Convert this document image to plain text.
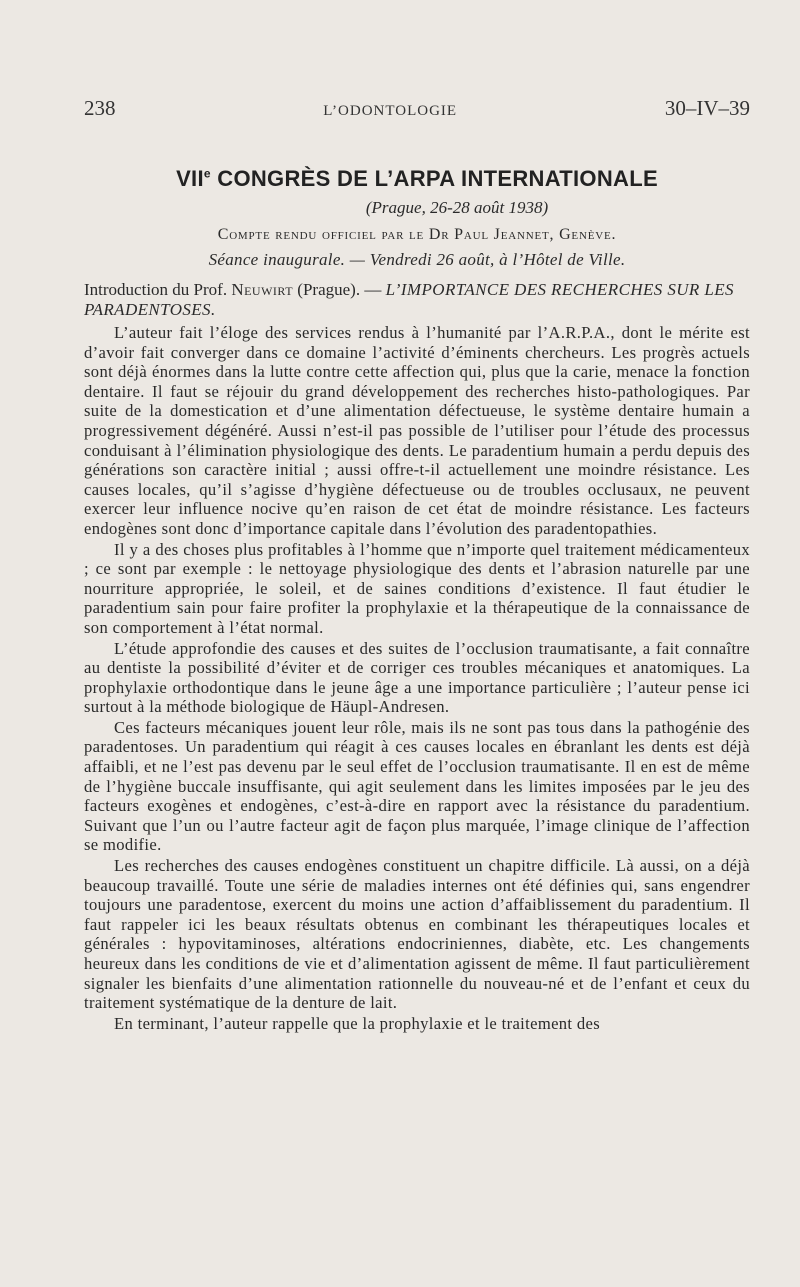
238	L’ODONTOLOGIE	30–IV–39
VIIe CONGRÈS DE L’ARPA INTERNATIONALE
(Prague, 26-28 août 1938)
Compte rendu officiel par le Dr Paul Jeannet, Genève.
Séance inaugurale. — Vendredi 26 août, à l’Hôtel de Ville.
Introduction du Prof. Neuwirt (Prague). — L’IMPORTANCE DES RECHERCHES SUR LES PARADENTOSES.

L’auteur fait l’éloge des services rendus à l’humanité par l’A.R.P.A., dont le mérite est d’avoir fait converger dans ce domaine l’activité d’éminents chercheurs. Les progrès actuels sont déjà énormes dans la lutte contre cette affection qui, plus que la carie, menace la fonction dentaire. Il faut se réjouir du grand développement des recherches histo-pathologiques. Par suite de la domestication et d’une alimentation défectueuse, le système dentaire humain a progressivement dégénéré. Aussi n’est-il pas possible de l’utiliser pour l’étude des processus conduisant à l’élimination physiologique des dents. Le paradentium humain a perdu depuis des générations son caractère initial ; aussi offre-t-il actuellement une moindre résistance. Les causes locales, qu’il s’agisse d’hygiène défectueuse ou de troubles occlusaux, ne peuvent exercer leur influence nocive qu’en raison de cet état de moindre résistance. Les facteurs endogènes sont donc d’importance capitale dans l’évolution des paradentopathies.

Il y a des choses plus profitables à l’homme que n’importe quel traitement médicamenteux ; ce sont par exemple : le nettoyage physiologique des dents et l’abrasion naturelle par une nourriture appropriée, le soleil, et de saines conditions d’existence. Il faut étudier le paradentium sain pour faire profiter la prophylaxie et la thérapeutique de la connaissance de son comportement à l’état normal.

L’étude approfondie des causes et des suites de l’occlusion traumatisante, a fait connaître au dentiste la possibilité d’éviter et de corriger ces troubles mécaniques et anatomiques. La prophylaxie orthodontique dans le jeune âge a une importance particulière ; l’auteur pense ici surtout à la méthode biologique de Häupl-Andresen.

Ces facteurs mécaniques jouent leur rôle, mais ils ne sont pas tous dans la pathogénie des paradentoses. Un paradentium qui réagit à ces causes locales en ébranlant les dents est déjà affaibli, et ne l’est pas devenu par le seul effet de l’occlusion traumatisante. Il en est de même de l’hygiène buccale insuffisante, qui agit seulement dans les limites imposées par le jeu des facteurs exogènes et endogènes, c’est-à-dire en rapport avec la résistance du paradentium. Suivant que l’un ou l’autre facteur agit de façon plus marquée, l’image clinique de l’affection se modifie.

Les recherches des causes endogènes constituent un chapitre difficile. Là aussi, on a déjà beaucoup travaillé. Toute une série de maladies internes ont été définies qui, sans engendrer toujours une paradentose, exercent du moins une action d’affaiblissement du paradentium. Il faut rappeler ici les beaux résultats obtenus en combinant les thérapeutiques locales et générales : hypovitaminoses, altérations endocriniennes, diabète, etc. Les changements heureux dans les conditions de vie et d’alimentation agissent de même. Il faut particulièrement signaler les bienfaits d’une alimentation rationnelle du nouveau-né et de l’enfant et ceux du traitement systématique de la denture de lait.

En terminant, l’auteur rappelle que la prophylaxie et le traitement des
